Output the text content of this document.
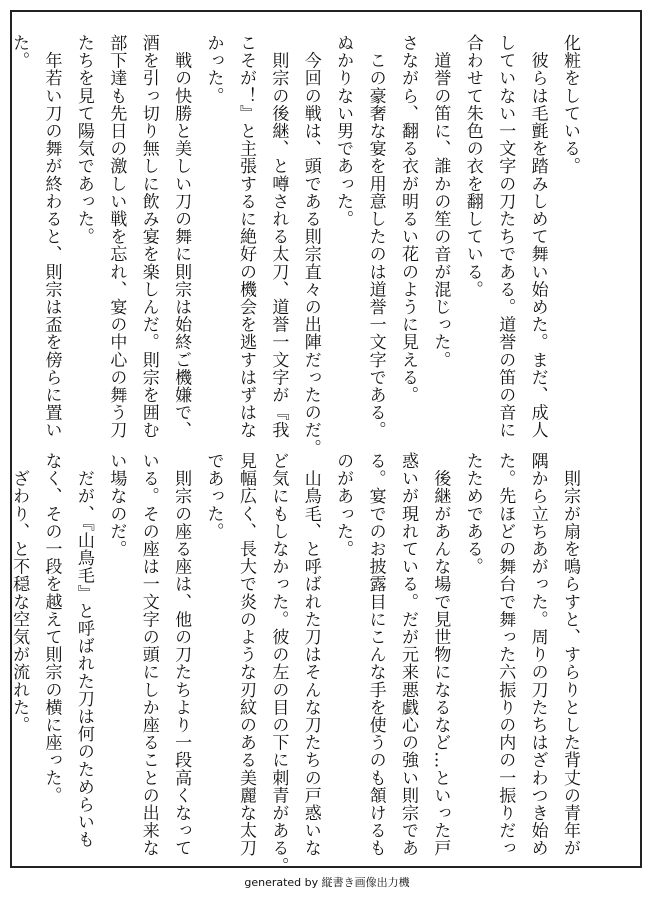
化粧をしている。
　彼らは毛氈を踏みしめて舞い始めた。まだ、成人
していない一文字の刀たちである。道誉の笛の音に
合わせて朱色の衣を翻している。
　道誉の笛に、誰かの笙の音が混じった。
さながら、翻る衣が明るい花のように見える。
　この豪奢な宴を用意したのは道誉一文字である。
ぬかりない男であった。
　今回の戦は、頭である則宗直々の出陣だったのだ。
　則宗の後継、と噂される太刀、道誉一文字が『我
こそが！』と主張するに絶好の機会を逃すはずはな
かった。
　戦の快勝と美しい刀の舞に則宗は始終ご機嫌で、
酒を引っ切り無しに飲み宴を楽しんだ。則宗を囲む
部下達も先日の激しい戦を忘れ、宴の中心の舞う刀
たちを見て陽気であった。
　年若い刀の舞が終わると、則宗は盃を傍らに置い
た。
　則宗が扇を鳴らすと、すらりとした背丈の青年が
隅から立ちあがった。周りの刀たちはざわつき始め
た。先ほどの舞台で舞った六振りの内の一振りだっ
たためである。
　後継があんな場で見世物になるなど…といった戸
惑いが現れている。だが元来悪戯心の強い則宗であ
る。宴でのお披露目にこんな手を使うのも頷けるも
のがあった。
　山鳥毛、と呼ばれた刀はそんな刀たちの戸惑いな
ど気にもしなかった。彼の左の目の下に刺青がある。
見幅広く、長大で炎のような刃紋のある美麗な太刀
であった。
　則宗の座る座は、他の刀たちより一段高くなって
いる。その座は一文字の頭にしか座ることの出来な
い場なのだ。
　だが、『山鳥毛』と呼ばれた刀は何のためらいも
なく、その一段を越えて則宗の横に座った。
　ざわり、と不穏な空気が流れた。
generated by 縦書き画像出力機
